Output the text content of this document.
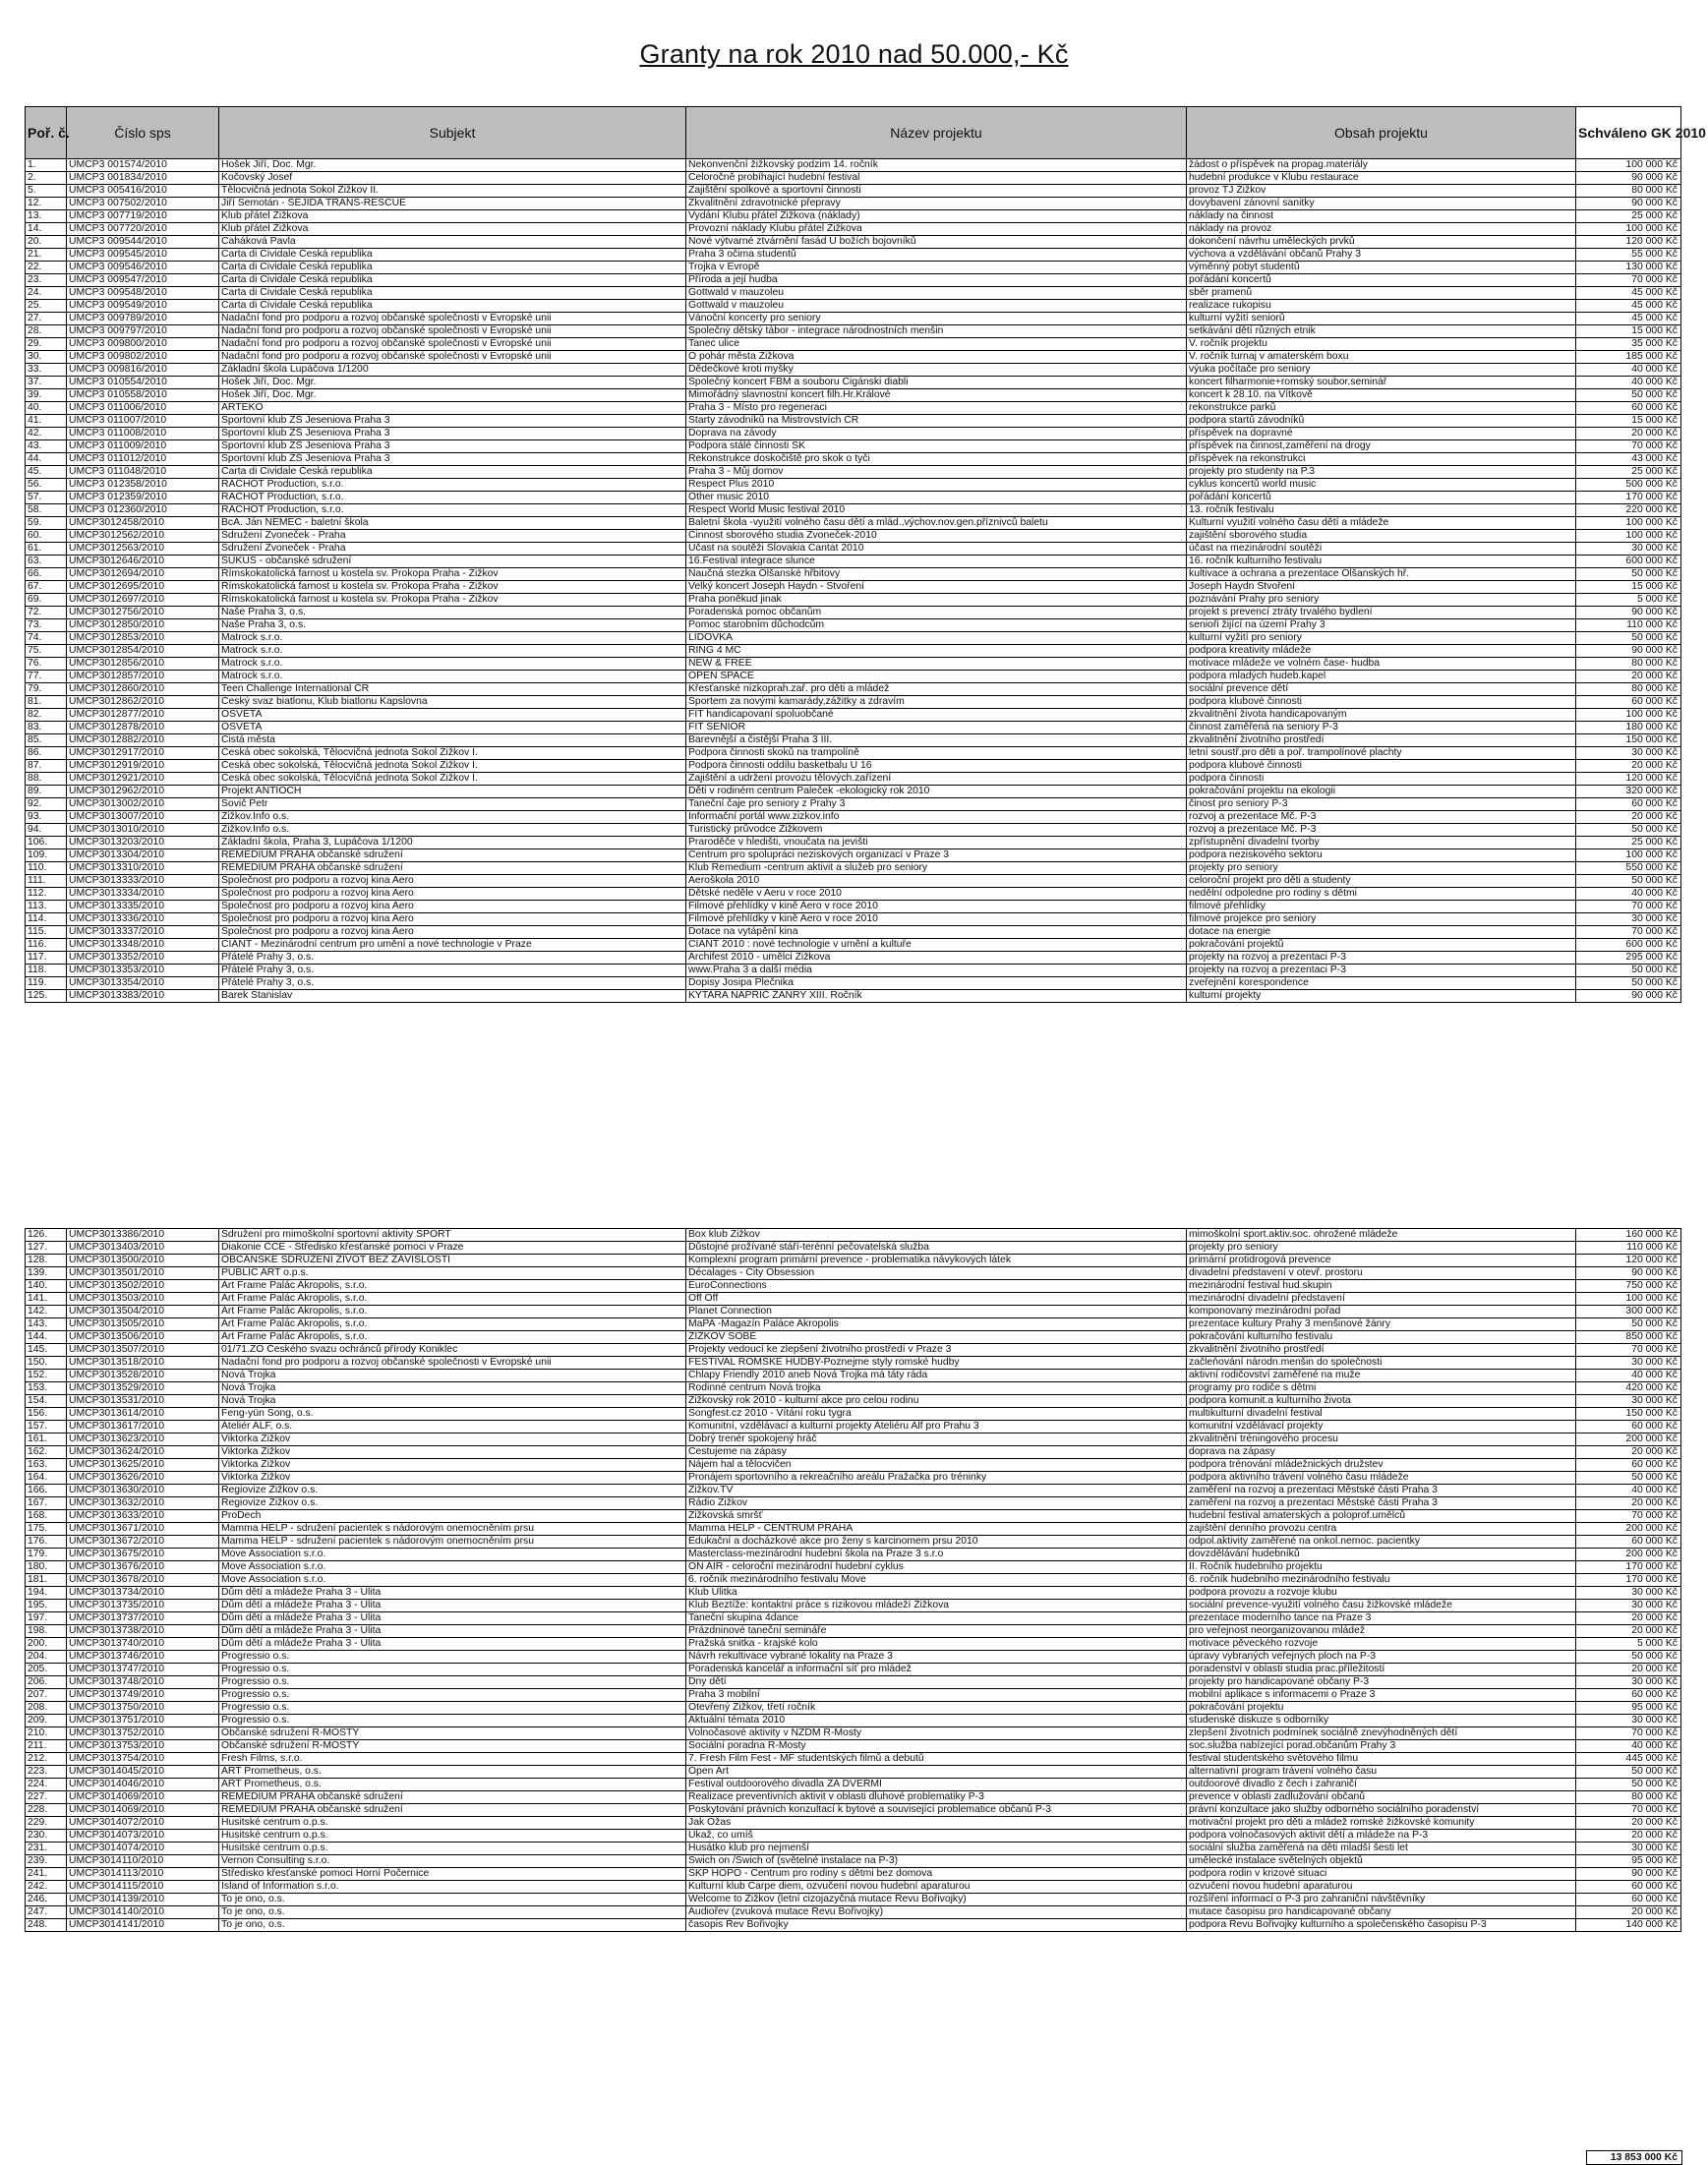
Granty na rok 2010 nad 50.000,- Kč
Poř. č.	Číslo sps	Subjekt	Název projektu	Obsah projektu	Schváleno GK 2010
1.	UMCP3 001574/2010	Hošek Jiří, Doc. Mgr.	Nekonvenční žižkovský podzim 14. ročník	žádost o příspěvek na propag.materiály	100 000 Kč
2.	UMCP3 001834/2010	Kočovský Josef	Celoročně probíhající hudební festival	hudební produkce v Klubu restaurace	90 000 Kč
5.	UMCP3 005416/2010	Tělocvičná jednota Sokol Žižkov II.	Zajištění spolkové a sportovní činnosti	provoz TJ Žižkov	80 000 Kč
12.	UMCP3 007502/2010	Jiří Semotán - SEJIDA TRANS-RESCUE	Zkvalitnění zdravotnické přepravy	dovybavení zánovní sanitky	90 000 Kč
13.	UMCP3 007719/2010	Klub přátel Žižkova	Vydání Klubu přátel Žižkova (náklady)	náklady na činnost	25 000 Kč
14.	UMCP3 007720/2010	Klub přátel Žižkova	Provozní náklady Klubu přátel Žižkova	náklady na provoz	100 000 Kč
20.	UMCP3 009544/2010	Caháková Pavla	Nové výtvarné ztvárnění fasád U božích bojovníků	dokončení návrhu uměleckých prvků	120 000 Kč
21.	UMCP3 009545/2010	Carta di Cividale Česká republika	Praha 3 očima studentů	výchova a vzdělávání občanů Prahy 3	55 000 Kč
22.	UMCP3 009546/2010	Carta di Cividale Česká republika	Trojka v Evropě	výměnný pobyt studentů	130 000 Kč
23.	UMCP3 009547/2010	Carta di Cividale Česká republika	Příroda a její hudba	pořádání koncertů	70 000 Kč
24.	UMCP3 009548/2010	Carta di Cividale Česká republika	Gottwald v mauzoleu	sběr pramenů	45 000 Kč
25.	UMCP3 009549/2010	Carta di Cividale Česká republika	Gottwald v mauzoleu	realizace rukopisu	45 000 Kč
27.	UMCP3 009789/2010	Nadační fond pro podporu a rozvoj občanské společnosti v Evropské unii	Vánoční koncerty pro seniory	kulturní vyžití seniorů	45 000 Kč
28.	UMCP3 009797/2010	Nadační fond pro podporu a rozvoj občanské společnosti v Evropské unii	Společný dětský tábor - integrace národnostních menšin	setkávání dětí různých etnik	15 000 Kč
29.	UMCP3 009800/2010	Nadační fond pro podporu a rozvoj občanské společnosti v Evropské unii	Tanec ulice	V. ročník projektu	35 000 Kč
30.	UMCP3 009802/2010	Nadační fond pro podporu a rozvoj občanské společnosti v Evropské unii	O pohár města Žižkova	V. ročník turnaj v amaterském boxu	185 000 Kč
33.	UMCP3 009816/2010	Základní škola Lupáčova 1/1200	Dědečkové kroti myšky	výuka počítače pro seniory	40 000 Kč
37.	UMCP3 010554/2010	Hošek Jiří, Doc. Mgr.	Společný koncert FBM a souboru Cigánski diabli	koncert filharmonie+romský soubor,seminář	40 000 Kč
39.	UMCP3 010558/2010	Hošek Jiří, Doc. Mgr.	Mimořádný slavnostní koncert filh.Hr.Králové	koncert k 28.10. na Vítkově	50 000 Kč
40.	UMCP3 011006/2010	ARTEKO	Praha 3 - Místo pro regeneraci	rekonstrukce parků	60 000 Kč
41.	UMCP3 011007/2010	Sportovní klub ZŠ Jeseniova Praha 3	Starty závodníků na Mistrovstvích ČR	podpora startů závodníků	15 000 Kč
42.	UMCP3 011008/2010	Sportovní klub ZŠ Jeseniova Praha 3	Doprava na závody	příspěvek na dopravné	20 000 Kč
43.	UMCP3 011009/2010	Sportovní klub ZŠ Jeseniova Praha 3	Podpora stálé činnosti SK	příspěvek na činnost,zaměření na drogy	70 000 Kč
44.	UMCP3 011012/2010	Sportovní klub ZŠ Jeseniova Praha 3	Rekonstrukce doskočiště pro skok o tyči	příspěvek na rekonstrukci	43 000 Kč
45.	UMCP3 011048/2010	Carta di Cividale Česká republika	Praha 3 - Můj domov	projekty pro studenty na P.3	25 000 Kč
56.	UMCP3 012358/2010	RACHOT Production, s.r.o.	Respect Plus 2010	cyklus koncertů world music	500 000 Kč
57.	UMCP3 012359/2010	RACHOT Production, s.r.o.	Other music 2010	pořádání koncertů	170 000 Kč
58.	UMCP3 012360/2010	RACHOT Production, s.r.o.	Respect World Music festival 2010	13. ročník festivalu	220 000 Kč
59.	UMCP3012458/2010	BcA. Ján NEMEC - baletní škola	Baletní škola -využití volného času dětí a mlád.,výchov.nov.gen.příznivců baletu	Kulturní využití volného času dětí a mládeže	100 000 Kč
60.	UMCP3012562/2010	Sdružení Zvoneček - Praha	Činnost sborového studia Zvoneček-2010	zajištění sborového studia	100 000 Kč
61.	UMCP3012563/2010	Sdružení Zvoneček - Praha	Účast na soutěži Slovakia Cantat 2010	účast na mezinárodní soutěži	30 000 Kč
63.	UMCP3012646/2010	SUKUS - občanské sdružení	16.Festival integrace slunce	16. ročník kulturního festivalu	600 000 Kč
66.	UMCP3012694/2010	Římskokatolická farnost u kostela sv. Prokopa Praha - Žižkov	Naučná stezka Olšanské hřbitovy	kultivace a ochrana a prezentace Olšanských hř.	50 000 Kč
67.	UMCP3012695/2010	Římskokatolická farnost u kostela sv. Prokopa Praha - Žižkov	Velký koncert Joseph Haydn - Stvoření	Joseph Haydn Stvoření	15 000 Kč
69.	UMCP3012697/2010	Římskokatolická farnost u kostela sv. Prokopa Praha - Žižkov	Praha poněkud jinak	poznávání Prahy pro seniory	5 000 Kč
72.	UMCP3012756/2010	Naše Praha 3, o.s.	Poradenská pomoc občanům	projekt s prevencí ztráty trvalého bydlení	90 000 Kč
73.	UMCP3012850/2010	Naše Praha 3, o.s.	Pomoc starobním důchodcům	senioři žijící na území Prahy 3	110 000 Kč
74.	UMCP3012853/2010	Matrock s.r.o.	LIDOVKA	kulturní vyžití pro seniory	50 000 Kč
75.	UMCP3012854/2010	Matrock s.r.o.	RING 4 MC	podpora kreativity mládeže	90 000 Kč
76.	UMCP3012856/2010	Matrock s.r.o.	NEW & FREE	motivace mládeže ve volném čase- hudba	80 000 Kč
77.	UMCP3012857/2010	Matrock s.r.o.	OPEN SPACE	podpora mladých hudeb.kapel	20 000 Kč
79.	UMCP3012860/2010	Teen Challenge International ČR	Křesťanské nízkoprah.zař. pro děti a mládež	sociální prevence dětí	80 000 Kč
81.	UMCP3012862/2010	Český svaz biatlonu, Klub biatlonu Kapslovna	Sportem za novými kamarády,zážitky a zdravím	podpora klubové činnosti	60 000 Kč
82.	UMCP3012877/2010	OSVĚTA	FIT handicapovaní spoluobčané	zkvalitnění života handicapovaným	100 000 Kč
83.	UMCP3012878/2010	OSVĚTA	FIT SENIOR	činnost zaměřená na seniory P-3	180 000 Kč
85.	UMCP3012882/2010	Čistá města	Barevnější a čistější Praha 3 III.	zkvalitnění životního prostředí	150 000 Kč
86.	UMCP3012917/2010	Česká obec sokolská, Tělocvičná jednota Sokol Žižkov I.	Podpora činnosti skoků na trampolíně	letní soustř.pro děti a poř. trampolínové plachty	30 000 Kč
87.	UMCP3012919/2010	Česká obec sokolská, Tělocvičná jednota Sokol Žižkov I.	Podpora činnosti oddílu basketbalu U 16	podpora klubové činnosti	20 000 Kč
88.	UMCP3012921/2010	Česká obec sokolská, Tělocvičná jednota Sokol Žižkov I.	Zajištění a udržení provozu tělových.zařízení	podpora činnosti	120 000 Kč
89.	UMCP3012962/2010	Projekt ANTIOCH	Děti v rodiném centrum Paleček -ekologický rok 2010	pokračování projektu na ekologii	320 000 Kč
92.	UMCP3013002/2010	Sovič Petr	Taneční čaje pro seniory z Prahy 3	činost pro seniory P-3	60 000 Kč
93.	UMCP3013007/2010	Žižkov.Info o.s.	Informační portál www.zizkov.info	rozvoj a prezentace Mč. P-3	20 000 Kč
94.	UMCP3013010/2010	Žižkov.Info o.s.	Turistický průvodce Žižkovem	rozvoj a prezentace Mč. P-3	50 000 Kč
106.	UMCP3013203/2010	Základní škola, Praha 3, Lupáčova 1/1200	Praroděče v hledišti, vnoučata na jevišti	zpřístupnění divadelní tvorby	25 000 Kč
109.	UMCP3013304/2010	REMEDIUM PRAHA občanské sdružení	Centrum pro spolupráci neziskových organizací v Praze 3	podpora neziskového sektoru	100 000 Kč
110.	UMCP3013310/2010	REMEDIUM PRAHA občanské sdružení	Klub Remedium -centrum aktivit a služeb pro seniory	projekty pro seniory	550 000 Kč
111.	UMCP3013333/2010	Společnost pro podporu a rozvoj kina Aero	Aeroškola 2010	celoroční projekt pro děti a studenty	50 000 Kč
112.	UMCP3013334/2010	Společnost pro podporu a rozvoj kina Aero	Dětské neděle v Aeru v roce 2010	nedělní odpoledne pro rodiny s dětmi	40 000 Kč
113.	UMCP3013335/2010	Společnost pro podporu a rozvoj kina Aero	Filmové přehlídky v kině Aero v roce 2010	filmové přehlídky	70 000 Kč
114.	UMCP3013336/2010	Společnost pro podporu a rozvoj kina Aero	Filmové přehlídky v kině Aero v roce 2010	filmové projekce pro seniory	30 000 Kč
115.	UMCP3013337/2010	Společnost pro podporu a rozvoj kina Aero	Dotace na vytápění kina	dotace na energie	70 000 Kč
116.	UMCP3013348/2010	CIANT - Mezinárodní centrum pro umění a nové technologie v Praze	CIANT 2010 : nové technologie v umění a kultuře	pokračování projektů	600 000 Kč
117.	UMCP3013352/2010	Přátelé Prahy 3, o.s.	Archifest 2010 - umělci Žižkova	projekty na rozvoj a prezentaci P-3	295 000 Kč
118.	UMCP3013353/2010	Přátelé Prahy 3, o.s.	www.Praha 3 a další média	projekty na rozvoj a prezentaci P-3	50 000 Kč
119.	UMCP3013354/2010	Přátelé Prahy 3, o.s.	Dopisy Josipa Plečnika	zveřejnění korespondence	50 000 Kč
125.	UMCP3013383/2010	Barek Stanislav	KYTARA NAPŘÍČ ŽÁNRY XIII. Ročník	kulturní projekty	90 000 Kč
126.	UMCP3013386/2010	Sdružení pro mimoškolní sportovní aktivity SPORT	Box klub Žižkov	mimoškolní sport.aktiv.soc. ohrožené mládeže	160 000 Kč
127.	UMCP3013403/2010	Diakonie ČCE - Středisko křesťanské pomoci v Praze	Důstojné prožívané stáří-terénní pečovatelská služba	projekty pro seniory	110 000 Kč
128.	UMCP3013500/2010	OBČANSKÉ SDRUŽENÍ ŽIVOT BEZ ZÁVISLOSTÍ	Komplexní program primární prevence - problematika návykových látek	primární protidrogová prevence	120 000 Kč
139.	UMCP3013501/2010	PUBLIC ART o.p.s.	Décalages - City Obsession	divadelní představení v otevř. prostoru	90 000 Kč
140.	UMCP3013502/2010	Art Frame Palác Akropolis, s.r.o.	EuroConnections	mezinárodní festival hud.skupin	750 000 Kč
141.	UMCP3013503/2010	Art Frame Palác Akropolis, s.r.o.	Off Off	mezinárodní divadelní představení	100 000 Kč
142.	UMCP3013504/2010	Art Frame Palác Akropolis, s.r.o.	Planet Connection	komponovaný mezinárodní pořad	300 000 Kč
143.	UMCP3013505/2010	Art Frame Palác Akropolis, s.r.o.	MaPA -Magazín Paláce Akropolis	prezentace kultury Prahy 3 menšinové žánry	50 000 Kč
144.	UMCP3013506/2010	Art Frame Palác Akropolis, s.r.o.	ŽIŽKOV SOBĚ	pokračování kulturního festivalu	850 000 Kč
145.	UMCP3013507/2010	01/71.ZO Českého svazu ochránců přírody Koniklec	Projekty vedoucí ke zlepšení životního prostředí v Praze 3	zkvalitnění životního prostředí	70 000 Kč
150.	UMCP3013518/2010	Nadační fond pro podporu a rozvoj občanské společnosti v Evropské unii	FESTIVAL ROMSKÉ HUDBY-Poznejme styly romské hudby	začleňování národn.menšin do společnosti	30 000 Kč
152.	UMCP3013528/2010	Nová Trojka	Chlapy Friendly 2010 aneb Nová Trojka má táty ráda	aktivní rodičovství zaměřené na muže	40 000 Kč
153.	UMCP3013529/2010	Nová Trojka	Rodinné centrum Nová trojka	programy pro rodiče s dětmi	420 000 Kč
154.	UMCP3013531/2010	Nová Trojka	Žižkovský rok 2010 - kulturní akce pro celou rodinu	podpora komunit.a kulturního života	30 000 Kč
156.	UMCP3013614/2010	Feng-yün Song, o.s.	Songfest.cz 2010 - Vítání roku tygra	multikulturní divadelní festival	150 000 Kč
157.	UMCP3013617/2010	Ateliér ALF, o.s.	Komunitní, vzdělávací a kulturní projekty Ateliéru Alf pro Prahu 3	komunitní vzdělávací projekty	60 000 Kč
161.	UMCP3013623/2010	Viktorka Žižkov	Dobrý trenér spokojený hráč	zkvalitnění tréningového procesu	200 000 Kč
162.	UMCP3013624/2010	Viktorka Žižkov	Cestujeme na zápasy	doprava na zápasy	20 000 Kč
163.	UMCP3013625/2010	Viktorka Žižkov	Nájem hal a tělocvičen	podpora trénování mládežnických družstev	60 000 Kč
164.	UMCP3013626/2010	Viktorka Žižkov	Pronájem sportovního a rekreačního areálu Pražačka pro tréninky	podpora aktivního trávení volného času mládeže	50 000 Kč
166.	UMCP3013630/2010	Regiovize Žižkov o.s.	Žižkov.TV	zaměření na rozvoj a prezentaci Městské části Praha 3	40 000 Kč
167.	UMCP3013632/2010	Regiovize Žižkov o.s.	Rádio Žižkov	zaměření na rozvoj a prezentaci Městské části Praha 3	20 000 Kč
168.	UMCP3013633/2010	ProDech	Žižkovská smršť	hudební festival amaterských a poloprof.umělců	70 000 Kč
175.	UMCP3013671/2010	Mamma HELP - sdružení pacientek s nádorovým onemocněním prsu	Mamma HELP - CENTRUM PRAHA	zajištění denního provozu centra	200 000 Kč
176.	UMCP3013672/2010	Mamma HELP - sdružení pacientek s nádorovým onemocněním prsu	Edukační a docházkové akce pro ženy s karcinomem prsu 2010	odpol.aktivity zaměřené na onkol.nemoc. pacientky	60 000 Kč
179.	UMCP3013675/2010	Move Association s.r.o.	Masterclass-mezinárodní hudební škola na Praze 3 s.r.o	dovzdělávání hudebníků	200 000 Kč
180.	UMCP3013676/2010	Move Association s.r.o.	ON AIR - celoroční mezinárodní hudební cyklus	II. Ročník hudebního projektu	170 000 Kč
181.	UMCP3013678/2010	Move Association s.r.o.	6. ročník mezinárodního festivalu Move	6. ročník hudebního mezinárodního festivalu	170 000 Kč
194.	UMCP3013734/2010	Dům dětí a mládeže Praha 3 - Ulita	Klub Ulitka	podpora provozu a rozvoje klubu	30 000 Kč
195.	UMCP3013735/2010	Dům dětí a mládeže Praha 3 - Ulita	Klub Beztíže: kontaktní práce s rizikovou mládeží Žižkova	sociální prevence-využití volného času žižkovské mládeže	30 000 Kč
197.	UMCP3013737/2010	Dům dětí a mládeže Praha 3 - Ulita	Taneční skupina 4dance	prezentace moderního tance na Praze 3	20 000 Kč
198.	UMCP3013738/2010	Dům dětí a mládeže Praha 3 - Ulita	Prázdninové taneční semináře	pro veřejnost neorganizovanou mládež	20 000 Kč
200.	UMCP3013740/2010	Dům dětí a mládeže Praha 3 - Ulita	Pražská snitka - krajské kolo	motivace pěveckého rozvoje	5 000 Kč
204.	UMCP3013746/2010	Progressio o.s.	Návrh rekultivace vybrané lokality na Praze 3	úpravy vybraných veřejných ploch na P-3	50 000 Kč
205.	UMCP3013747/2010	Progressio o.s.	Poradenská kancelář a informační síť pro mládež	poradenství v oblasti studia prac.příležitostí	20 000 Kč
206.	UMCP3013748/2010	Progressio o.s.	Dny dětí	projekty pro handicapované občany P-3	30 000 Kč
207.	UMCP3013749/2010	Progressio o.s.	Praha 3 mobilní	mobilní aplikace s informacemi o Praze 3	60 000 Kč
208.	UMCP3013750/2010	Progressio o.s.	Otevřený Žižkov, třetí ročník	pokračování projektu	95 000 Kč
209.	UMCP3013751/2010	Progressio o.s.	Aktuální témata 2010	studenské diskuze s odborníky	30 000 Kč
210.	UMCP3013752/2010	Občanské sdružení R-MOSTY	Volnočasové aktivity v NZDM R-Mosty	zlepšení životních podmínek sociálně znevýhodněných dětí	70 000 Kč
211.	UMCP3013753/2010	Občanské sdružení R-MOSTY	Sociální poradna R-Mosty	soc.služba nabízející porad.občanům Prahy 3	40 000 Kč
212.	UMCP3013754/2010	Fresh Films, s.r.o.	7. Fresh Film Fest - MF studentských filmů a debutů	festival studentského světového filmu	445 000 Kč
223.	UMCP3014045/2010	ART Prometheus, o.s.	Open Art	alternativní program trávení volného času	50 000 Kč
224.	UMCP3014046/2010	ART Prometheus, o.s.	Festival outdoorového divadla ZA DVEŘMI	outdoorové divadlo z čech i zahraničí	50 000 Kč
227.	UMCP3014069/2010	REMEDIUM PRAHA občanské sdružení	Realizace preventivních aktivit v oblasti dluhové problematiky P-3	prevence v oblasti zadlužování občanů	80 000 Kč
228.	UMCP3014069/2010	REMEDIUM PRAHA občanské sdružení	Poskytování právních konzultací k bytové a související problematice občanů P-3	právní konzultace jako služby odborného sociálního poradenství	70 000 Kč
229.	UMCP3014072/2010	Husitské centrum o.p.s.	Jak Ožas	motivační projekt pro děti a mládež romské žižkovské komunity	20 000 Kč
230.	UMCP3014073/2010	Husitské centrum o.p.s.	Ukaž, co umíš	podpora volnočasových aktivit dětí a mládeže na P-3	20 000 Kč
231.	UMCP3014074/2010	Husitské centrum o.p.s.	Husátko klub pro nejmenší	sociální služba zaměřená na děti mladší šesti let	30 000 Kč
239.	UMCP3014110/2010	Vernon Consulting s.r.o.	Swich on /Swich of (světelné instalace na P-3)	umělecké instalace světelných objektů	95 000 Kč
241.	UMCP3014113/2010	Středisko křesťanské pomoci Horní Počernice	SKP HOPO - Centrum pro rodiny s dětmi bez domova	podpora rodin v krizové situaci	90 000 Kč
242.	UMCP3014115/2010	Island of Information s.r.o.	Kulturní klub Carpe diem, ozvučení novou hudební aparaturou	ozvučení novou hudební aparaturou	60 000 Kč
246.	UMCP3014139/2010	To je ono, o.s.	Welcome to Žižkov (letní cizojazyčná mutace Řevu Bořivojky)	rozšíření informací o P-3 pro zahraniční návštěvníky	60 000 Kč
247.	UMCP3014140/2010	To je ono, o.s.	Audiořev (zvuková mutace Řevu Bořivojky)	mutace časopisu pro handicapované občany	20 000 Kč
248.	UMCP3014141/2010	To je ono, o.s.	časopis Řev Bořivojky	podpora Řevu Bořivojky kulturního a společenského časopisu P-3	140 000 Kč
13 853 000 Kč
